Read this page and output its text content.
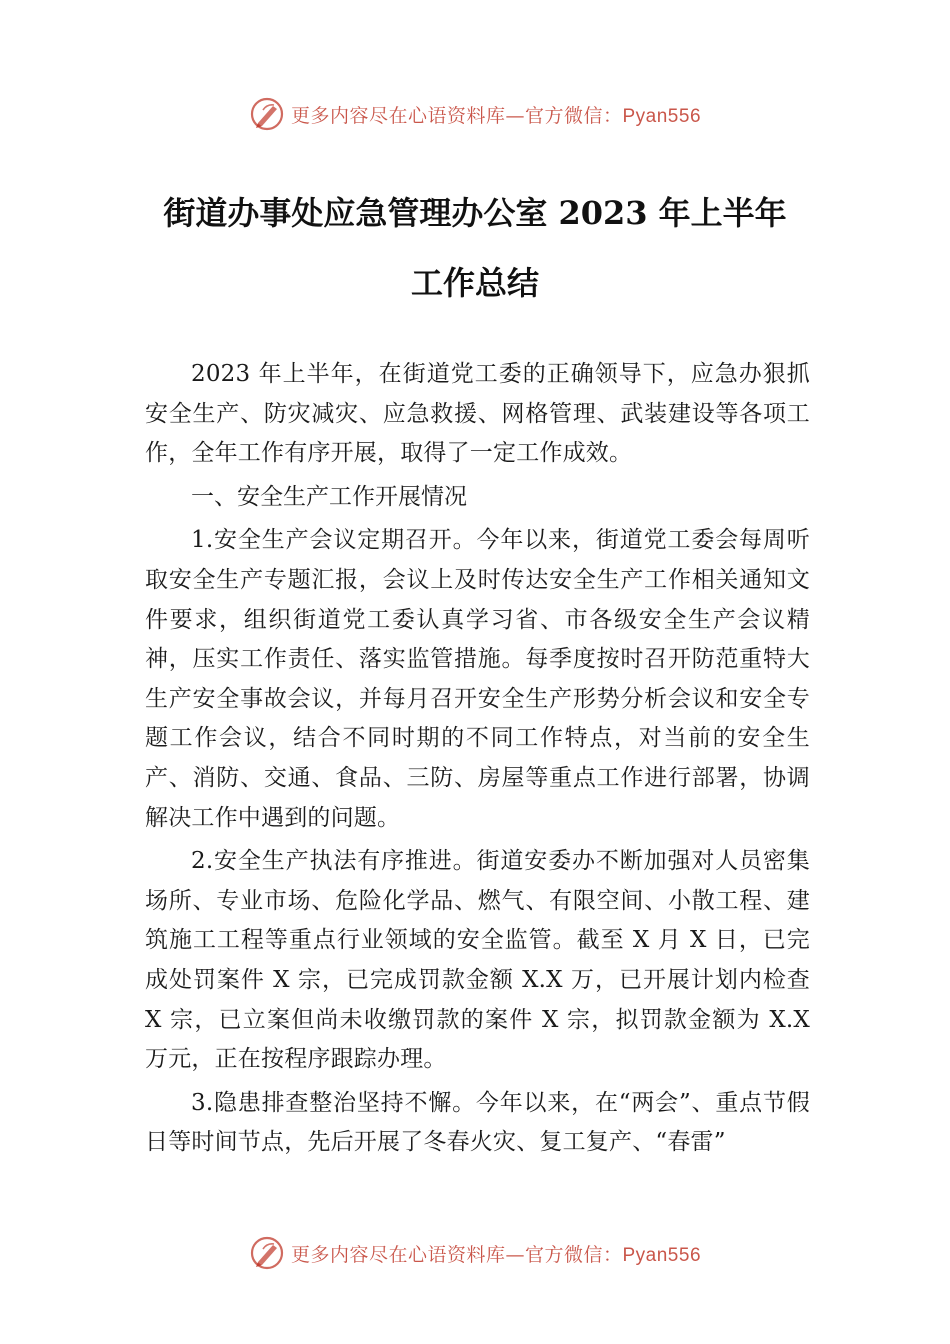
更多内容尽在心语资料库—官方微信：Pyan556
街道办事处应急管理办公室 2023 年上半年
工作总结

2023 年上半年，在街道党工委的正确领导下，应急办狠抓安全生产、防灾减灾、应急救援、网格管理、武装建设等各项工作，全年工作有序开展，取得了一定工作成效。

一、安全生产工作开展情况

1.安全生产会议定期召开。今年以来，街道党工委会每周听取安全生产专题汇报，会议上及时传达安全生产工作相关通知文件要求，组织街道党工委认真学习省、市各级安全生产会议精神，压实工作责任、落实监管措施。每季度按时召开防范重特大生产安全事故会议，并每月召开安全生产形势分析会议和安全专题工作会议，结合不同时期的不同工作特点，对当前的安全生产、消防、交通、食品、三防、房屋等重点工作进行部署，协调解决工作中遇到的问题。

2.安全生产执法有序推进。街道安委办不断加强对人员密集场所、专业市场、危险化学品、燃气、有限空间、小散工程、建筑施工工程等重点行业领域的安全监管。截至 X 月 X 日，已完成处罚案件 X 宗，已完成罚款金额 X.X 万，已开展计划内检查 X 宗，已立案但尚未收缴罚款的案件 X 宗，拟罚款金额为 X.X 万元，正在按程序跟踪办理。

3.隐患排查整治坚持不懈。今年以来，在“两会”、重点节假日等时间节点，先后开展了冬春火灾、复工复产、“春雷”

更多内容尽在心语资料库—官方微信：Pyan556
